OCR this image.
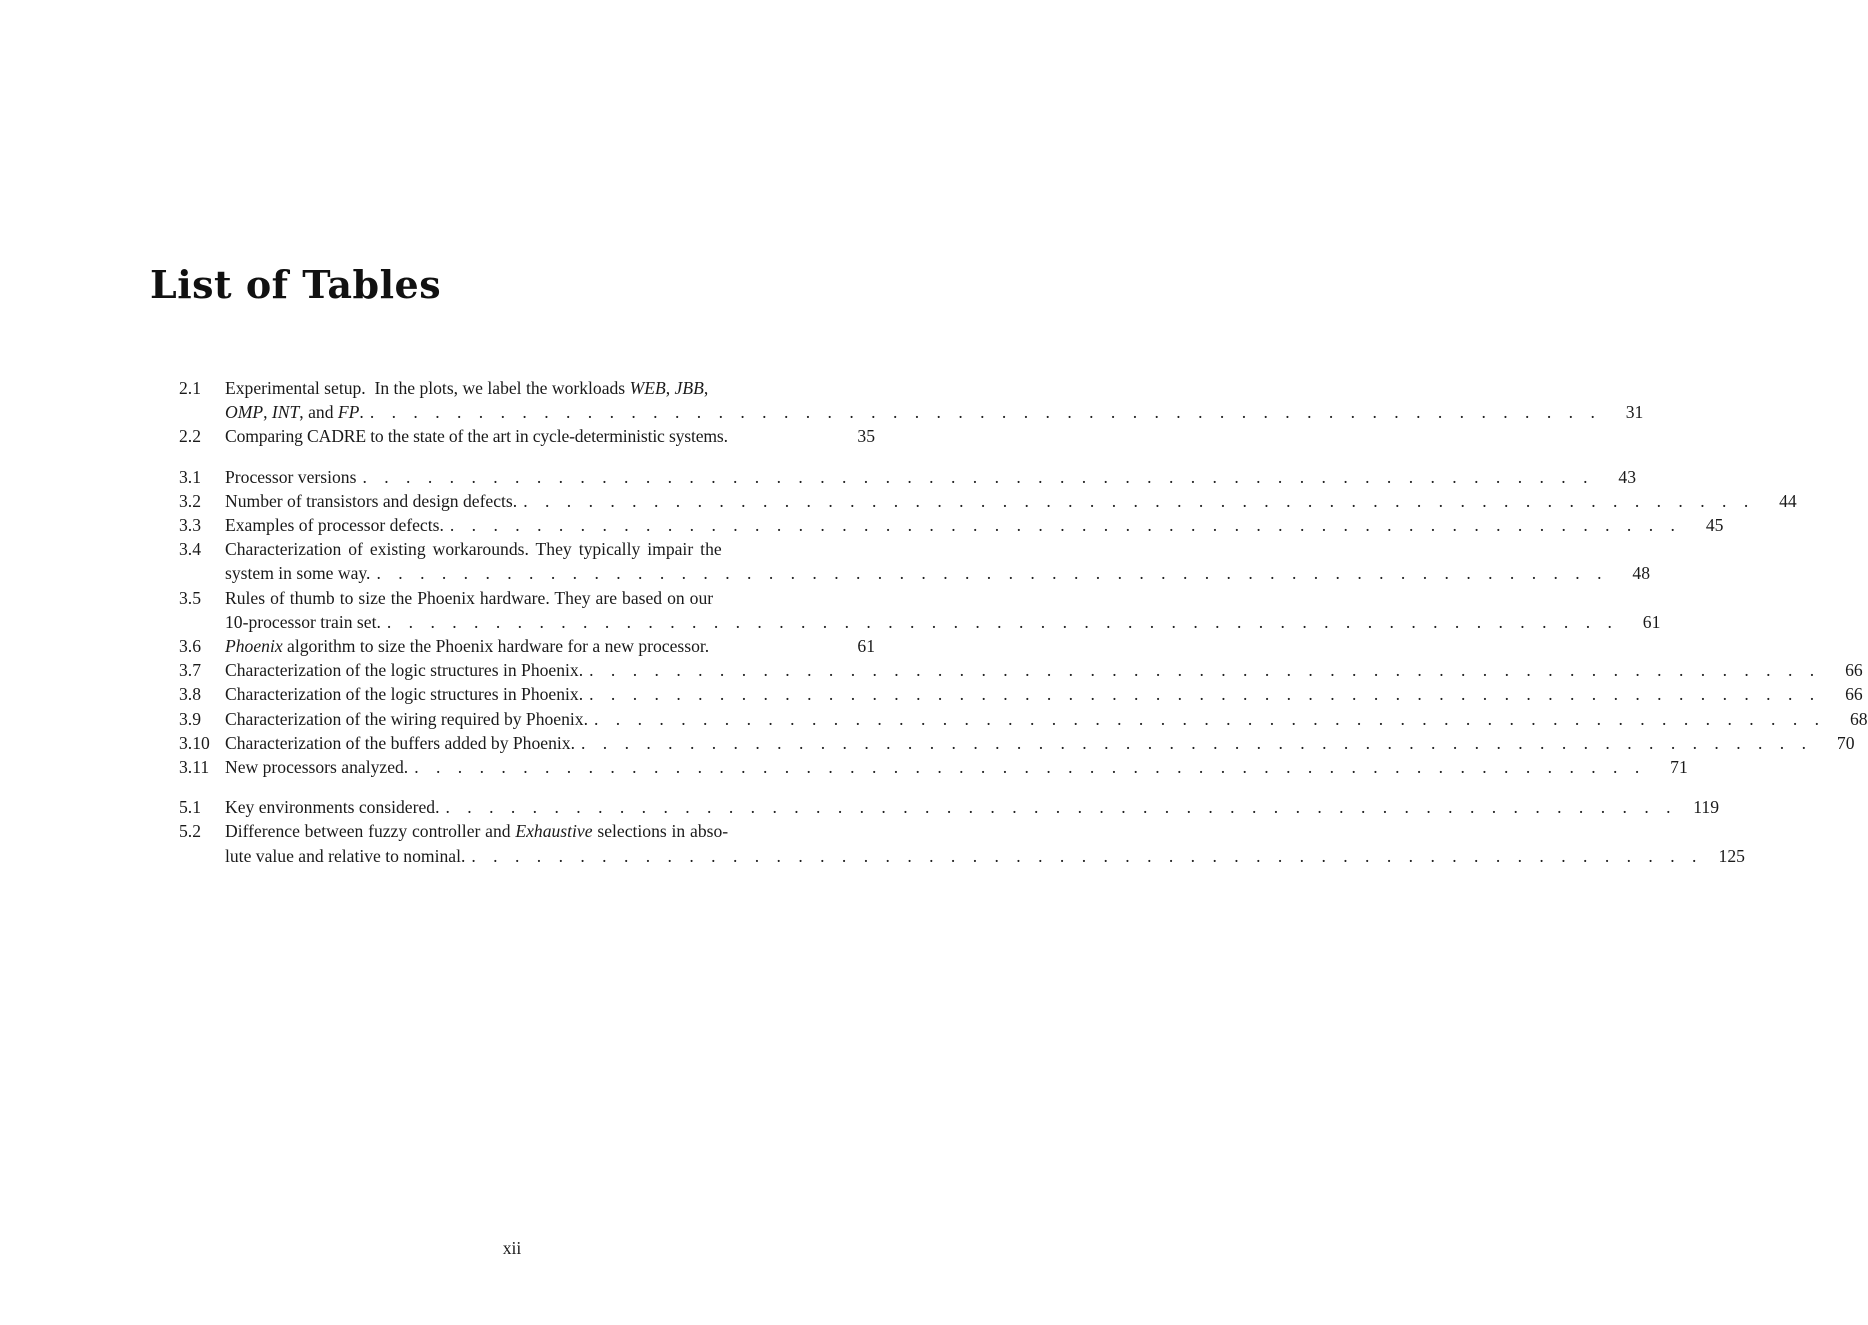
List of Tables
2.1	Experimental setup.  In the plots, we label the workloads WEB, JBB,
OMP, INT, and FP. . . .	31
2.2	Comparing CADRE to the state of the art in cycle-deterministic systems.	35
3.1	Processor versions . . .	43
3.2	Number of transistors and design defects. . . .	44
3.3	Examples of processor defects. . . .	45
3.4	Characterization of existing workarounds. They typically impair the
system in some way. . . .	48
3.5	Rules of thumb to size the Phoenix hardware. They are based on our
10-processor train set. . . .	61
3.6	Phoenix algorithm to size the Phoenix hardware for a new processor.	61
3.7	Characterization of the logic structures in Phoenix. . . .	66
3.8	Characterization of the logic structures in Phoenix. . . .	66
3.9	Characterization of the wiring required by Phoenix. . . .	68
3.10 Characterization of the buffers added by Phoenix. . . .	70
3.11 New processors analyzed. . . .	71
5.1	Key environments considered. . . .	119
5.2	Difference between fuzzy controller and Exhaustive selections in abso-
lute value and relative to nominal. . . .	125
xii
